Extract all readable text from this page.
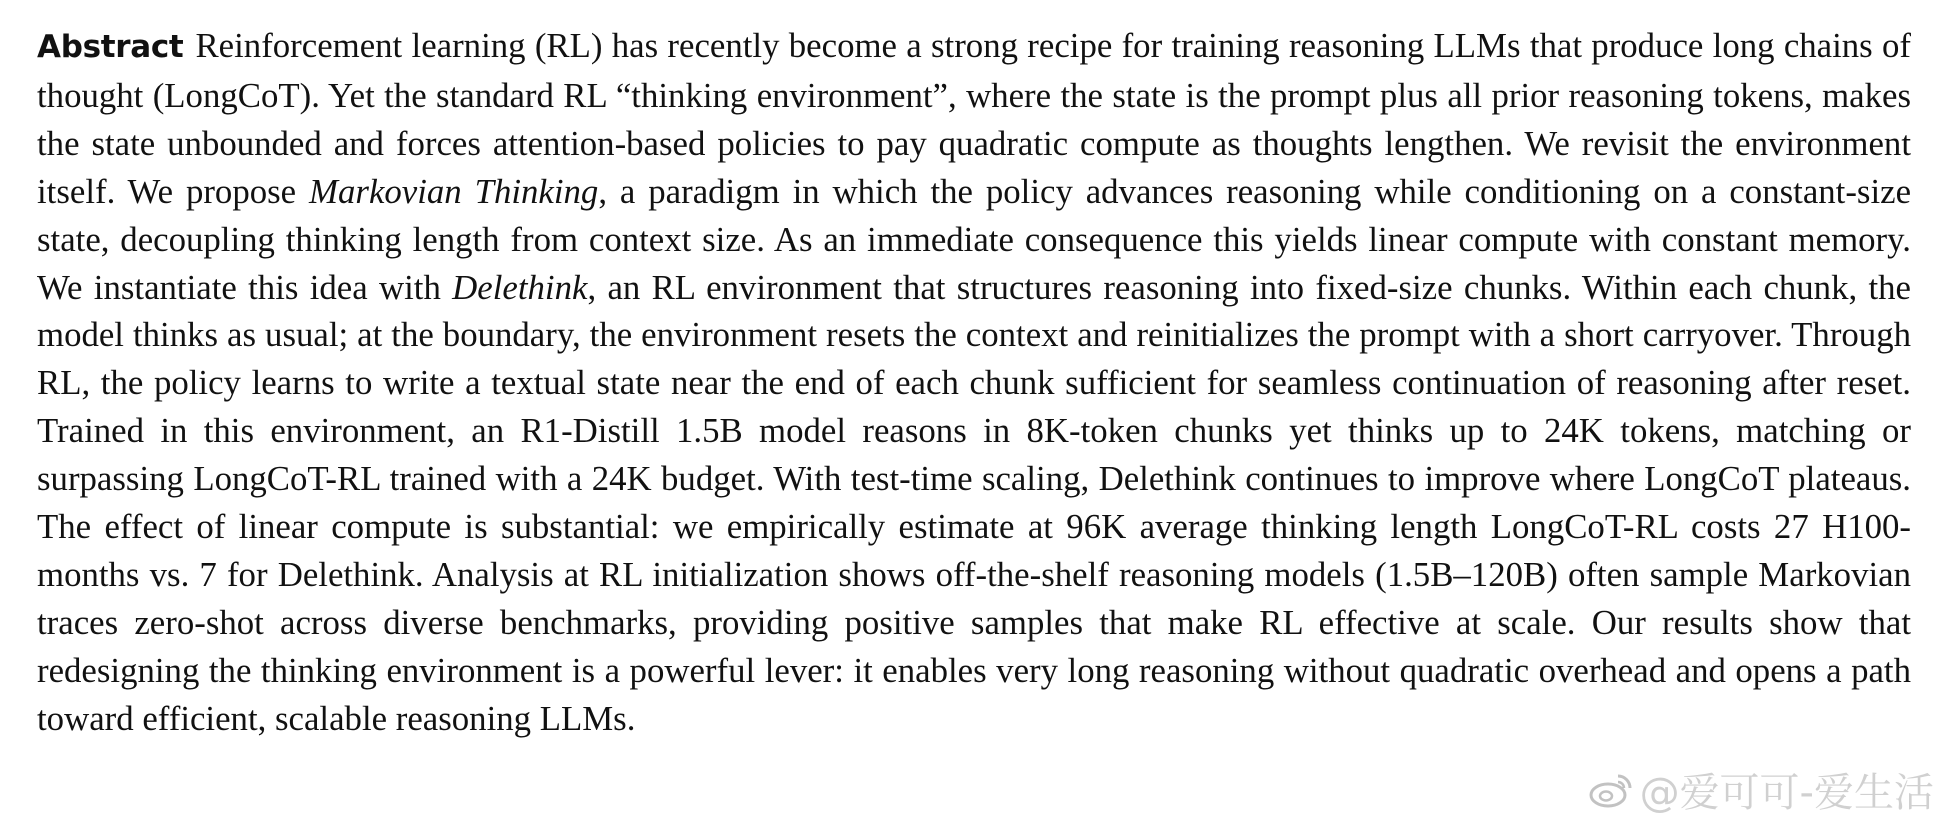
Abstract Reinforcement learning (RL) has recently become a strong recipe for training reasoning LLMs that produce long chains of thought (LongCoT). Yet the standard RL “thinking environment”, where the state is the prompt plus all prior reasoning tokens, makes the state unbounded and forces attention-based policies to pay quadratic compute as thoughts lengthen. We revisit the environment itself. We propose Markovian Thinking, a paradigm in which the policy advances reasoning while conditioning on a constant-size state, decoupling thinking length from context size. As an immediate consequence this yields linear compute with constant memory. We instantiate this idea with Delethink, an RL environment that structures reasoning into fixed-size chunks. Within each chunk, the model thinks as usual; at the boundary, the environment resets the context and reinitializes the prompt with a short carryover. Through RL, the policy learns to write a textual state near the end of each chunk sufficient for seamless continuation of reasoning after reset. Trained in this environment, an R1-Distill 1.5B model reasons in 8K-token chunks yet thinks up to 24K tokens, matching or surpassing LongCoT-RL trained with a 24K budget. With test-time scaling, Delethink continues to improve where LongCoT plateaus. The effect of linear compute is substantial: we empirically estimate at 96K average thinking length LongCoT-RL costs 27 H100-months vs. 7 for Delethink. Analysis at RL initialization shows off-the-shelf reasoning models (1.5B–120B) often sample Markovian traces zero-shot across diverse benchmarks, providing positive samples that make RL effective at scale. Our results show that redesigning the thinking environment is a powerful lever: it enables very long reasoning without quadratic overhead and opens a path toward efficient, scalable reasoning LLMs.

@爱可可-爱生活
